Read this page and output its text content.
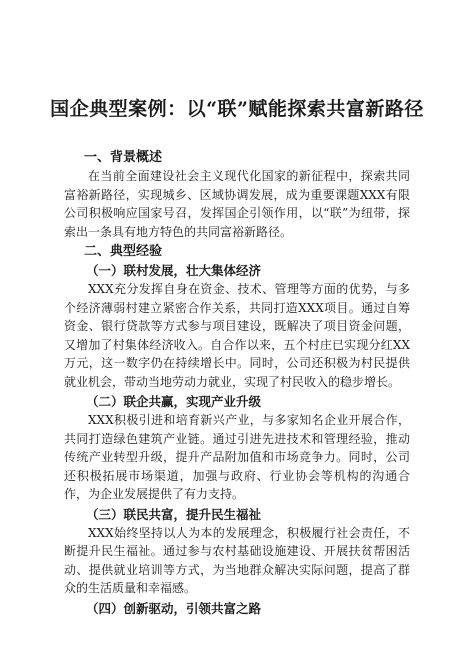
国企典型案例：以“联”赋能探索共富新路径
一、背景概述

在当前全面建设社会主义现代化国家的新征程中，探索共同富裕新路径，实现城乡、区域协调发展，成为重要课题XXX有限公司积极响应国家号召，发挥国企引领作用，以“联”为纽带，探索出一条具有地方特色的共同富裕新路径。

二、典型经验
（一）联村发展，壮大集体经济

XXX充分发挥自身在资金、技术、管理等方面的优势，与多个经济薄弱村建立紧密合作关系，共同打造XXX项目。通过自筹资金、银行贷款等方式参与项目建设，既解决了项目资金问题，又增加了村集体经济收入。自合作以来，五个村庄已实现分红XX万元，这一数字仍在持续增长中。同时，公司还积极为村民提供就业机会，带动当地劳动力就业，实现了村民收入的稳步增长。

（二）联企共赢，实现产业升级

XXX积极引进和培育新兴产业，与多家知名企业开展合作，共同打造绿色建筑产业链。通过引进先进技术和管理经验，推动传统产业转型升级，提升产品附加值和市场竞争力。同时，公司还积极拓展市场渠道，加强与政府、行业协会等机构的沟通合作，为企业发展提供了有力支持。

（三）联民共富，提升民生福祉

XXX始终坚持以人为本的发展理念，积极履行社会责任，不断提升民生福祉。通过参与农村基础设施建设、开展扶贫帮困活动、提供就业培训等方式，为当地群众解决实际问题，提高了群众的生活质量和幸福感。

（四）创新驱动，引领共富之路
